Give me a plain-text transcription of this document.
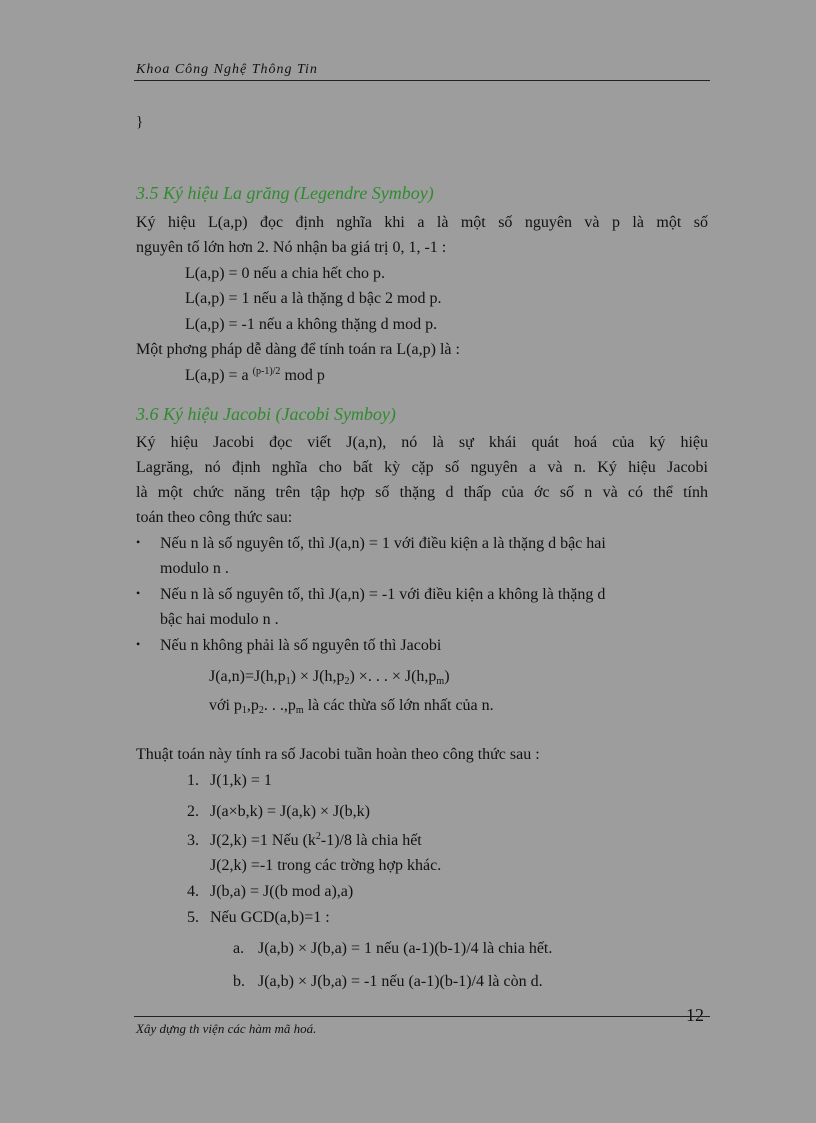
Khoa Công Nghệ Thông Tin
}
3.5 Ký hiệu La grăng (Legendre Symboy)
Ký hiệu L(a,p) đọc định nghĩa khi a là một số nguyên và p là một số
nguyên tố lớn hơn 2. Nó nhận ba giá trị 0, 1, -1 :
L(a,p) = 0 nếu a chia hết cho p.
L(a,p) = 1 nếu a là thặng d bậc 2 mod p.
L(a,p) = -1 nếu a không thặng d mod p.
Một phơng pháp dễ dàng để tính toán ra L(a,p) là :
L(a,p) = a $^{(p-1)/2}$ mod p
3.6 Ký hiệu Jacobi (Jacobi Symboy)
Ký hiệu Jacobi đọc viết J(a,n), nó là sự khái quát hoá của ký hiệu
Lagrăng, nó định nghĩa cho bất kỳ cặp số nguyên a và n. Ký hiệu Jacobi
là một chức năng trên tập hợp số thặng d thấp của ớc số n và có thể tính
toán theo công thức sau:
• Nếu n là số nguyên tố, thì J(a,n) = 1 với điều kiện a là thặng d bậc hai
modulo n .
• Nếu n là số nguyên tố, thì J(a,n) = -1 với điều kiện a không là thặng d
bậc hai modulo n .
• Nếu n không phải là số nguyên tố thì Jacobi
$J(a,n)=J(h,p_1) \times J(h,p_2)$ ×. . . × $J(h,p_m)$
với $p_1,p_2$. . $.,p_m$ là các thừa số lớn nhất của n.
Thuật toán này tính ra số Jacobi tuần hoàn theo công thức sau :
1. J(1,k) = 1
2. J(a×b,k) = J(a,k) × J(b,k)
3. J(2,k) =1 Nếu $(k^2-1)/8$ là chia hết
J(2,k) =-1 trong các trờng hợp khác.
4. J(b,a) = J((b mod a),a)
5. Nếu GCD(a,b)=1 :
a. J(a,b) × J(b,a) = 1 nếu (a-1)(b-1)/4 là chia hết.
b. J(a,b) × J(b,a) = -1 nếu (a-1)(b-1)/4 là còn d.
12
Xây dựng th viện các hàm mã hoá.
